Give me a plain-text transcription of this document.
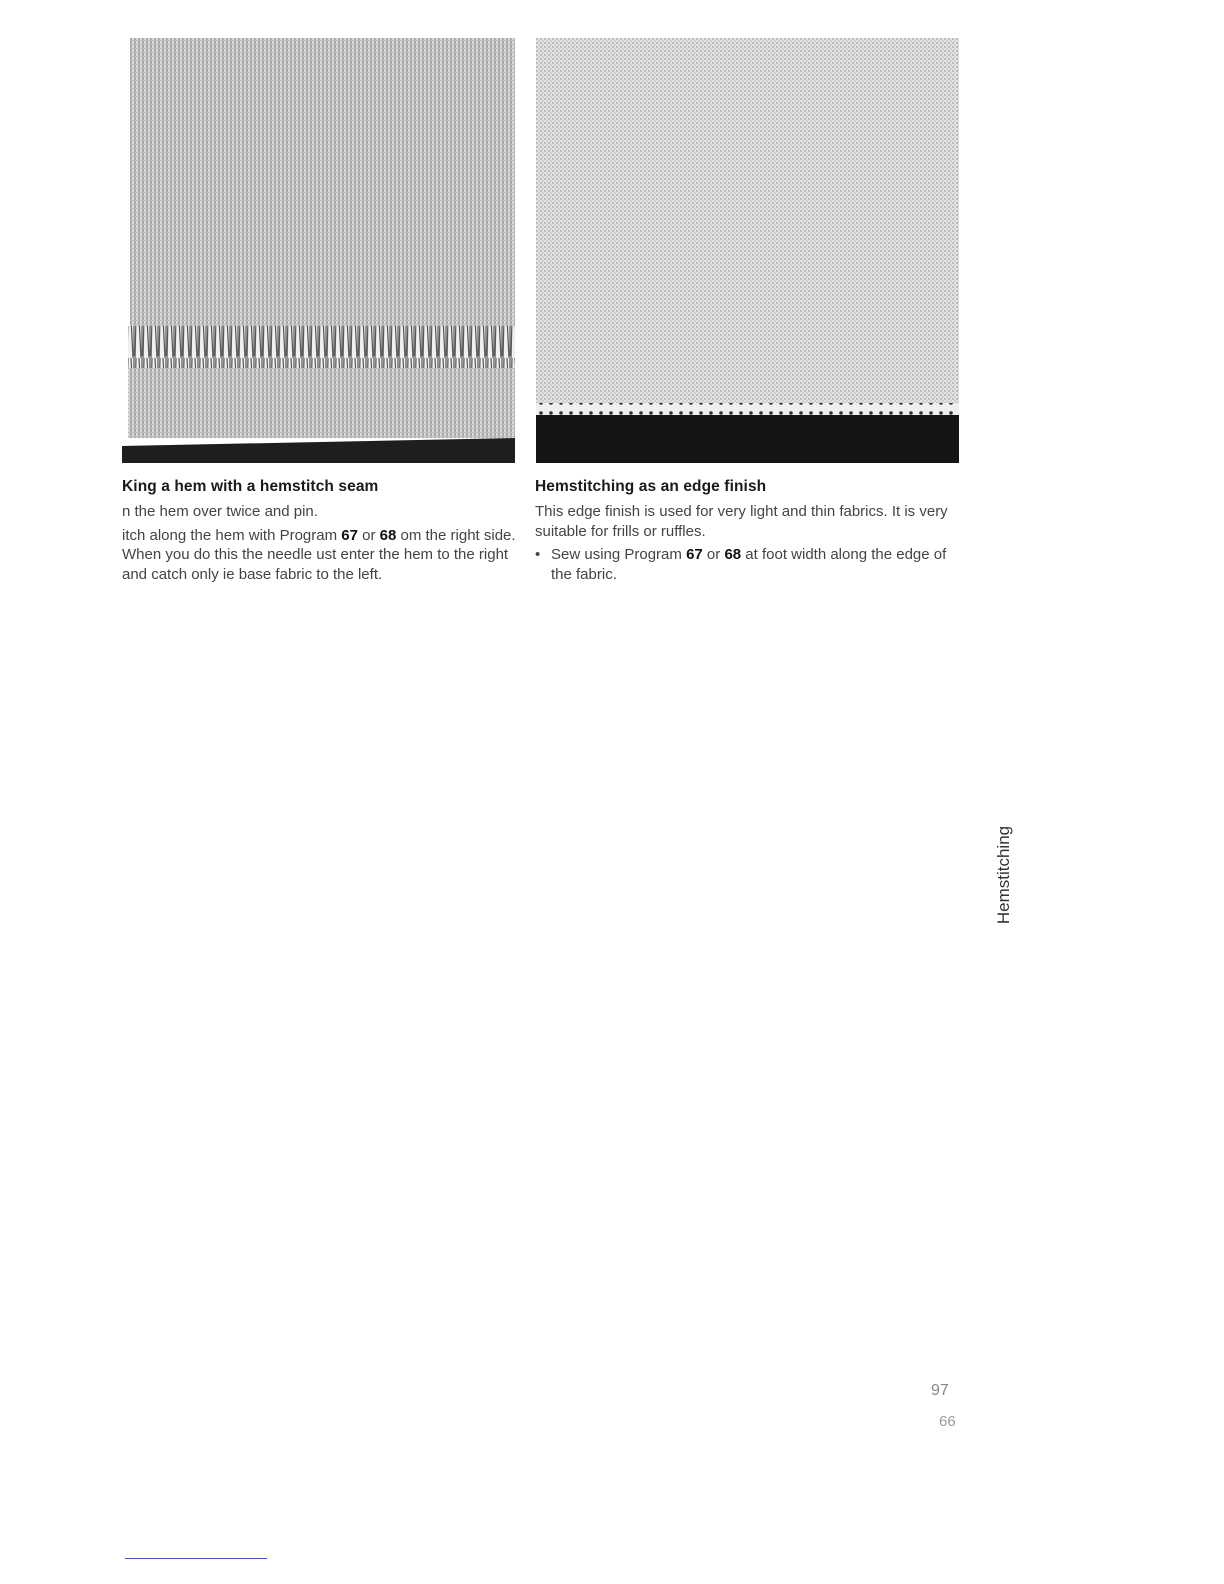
King a hem with a hemstitch seam

n the hem over twice and pin.

itch along the hem with Program 67 or 68 om the right side. When you do this the needle ust enter the hem to the right and catch only ie base fabric to the left.

Hemstitching as an edge finish

This edge finish is used for very light and thin fabrics. It is very suitable for frills or ruffles.

• Sew using Program 67 or 68 at foot width along the edge of the fabric.
Hemstitching
97
99
